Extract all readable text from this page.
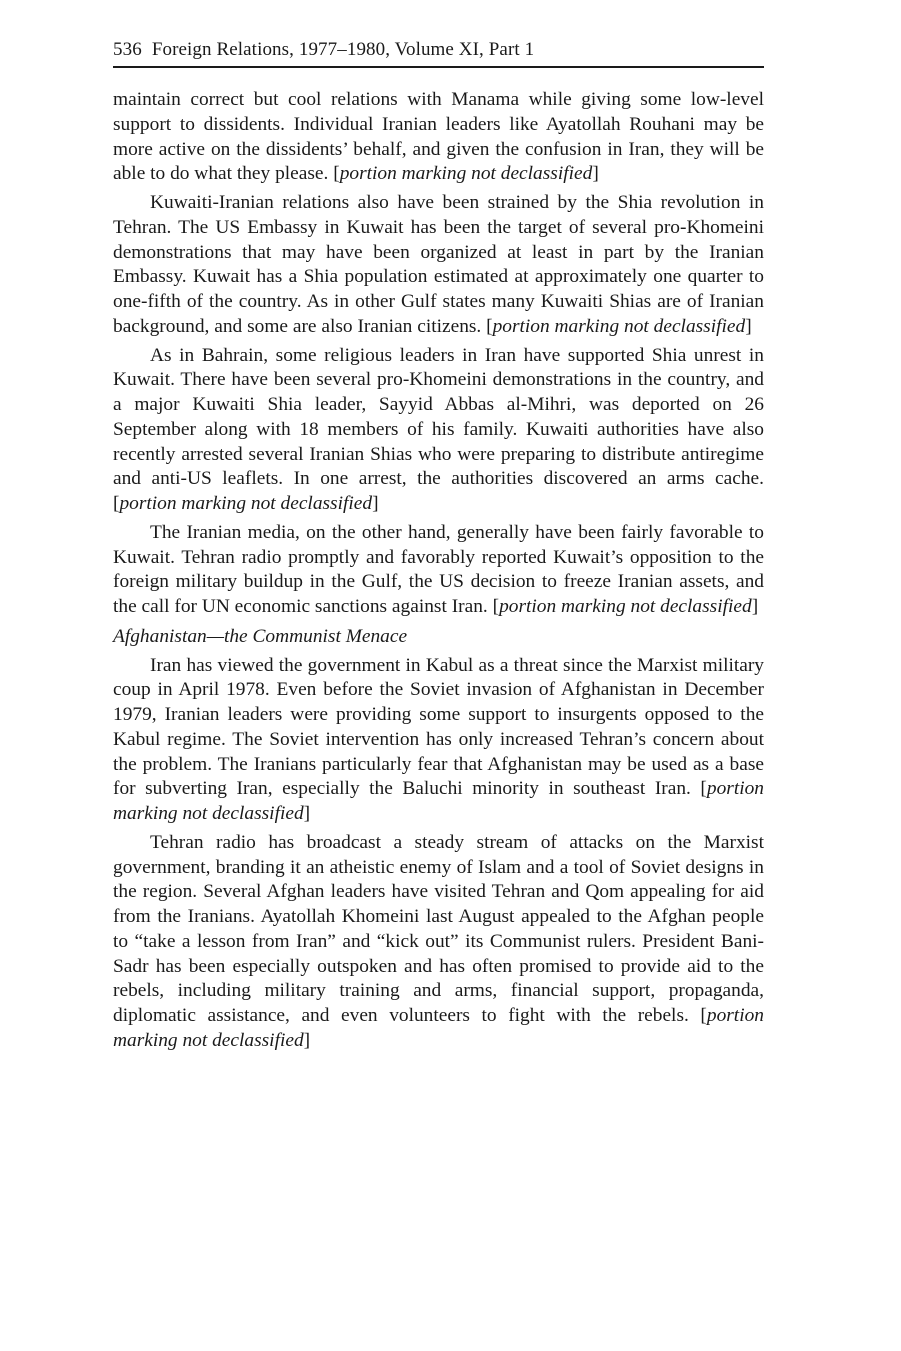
536 Foreign Relations, 1977–1980, Volume XI, Part 1

maintain correct but cool relations with Manama while giving some low-level support to dissidents. Individual Iranian leaders like Ayatollah Rouhani may be more active on the dissidents’ behalf, and given the confusion in Iran, they will be able to do what they please. [portion marking not declassified]

Kuwaiti-Iranian relations also have been strained by the Shia revolution in Tehran. The US Embassy in Kuwait has been the target of several pro-Khomeini demonstrations that may have been organized at least in part by the Iranian Embassy. Kuwait has a Shia population estimated at approximately one quarter to one-fifth of the country. As in other Gulf states many Kuwaiti Shias are of Iranian background, and some are also Iranian citizens. [portion marking not declassified]

As in Bahrain, some religious leaders in Iran have supported Shia unrest in Kuwait. There have been several pro-Khomeini demonstrations in the country, and a major Kuwaiti Shia leader, Sayyid Abbas al-Mihri, was deported on 26 September along with 18 members of his family. Kuwaiti authorities have also recently arrested several Iranian Shias who were preparing to distribute antiregime and anti-US leaflets. In one arrest, the authorities discovered an arms cache. [portion marking not declassified]

The Iranian media, on the other hand, generally have been fairly favorable to Kuwait. Tehran radio promptly and favorably reported Kuwait’s opposition to the foreign military buildup in the Gulf, the US decision to freeze Iranian assets, and the call for UN economic sanctions against Iran. [portion marking not declassified]

Afghanistan—the Communist Menace

Iran has viewed the government in Kabul as a threat since the Marxist military coup in April 1978. Even before the Soviet invasion of Afghanistan in December 1979, Iranian leaders were providing some support to insurgents opposed to the Kabul regime. The Soviet intervention has only increased Tehran’s concern about the problem. The Iranians particularly fear that Afghanistan may be used as a base for subverting Iran, especially the Baluchi minority in southeast Iran. [portion marking not declassified]

Tehran radio has broadcast a steady stream of attacks on the Marxist government, branding it an atheistic enemy of Islam and a tool of Soviet designs in the region. Several Afghan leaders have visited Tehran and Qom appealing for aid from the Iranians. Ayatollah Khomeini last August appealed to the Afghan people to “take a lesson from Iran” and “kick out” its Communist rulers. President Bani-Sadr has been especially outspoken and has often promised to provide aid to the rebels, including military training and arms, financial support, propaganda, diplomatic assistance, and even volunteers to fight with the rebels. [portion marking not declassified]
